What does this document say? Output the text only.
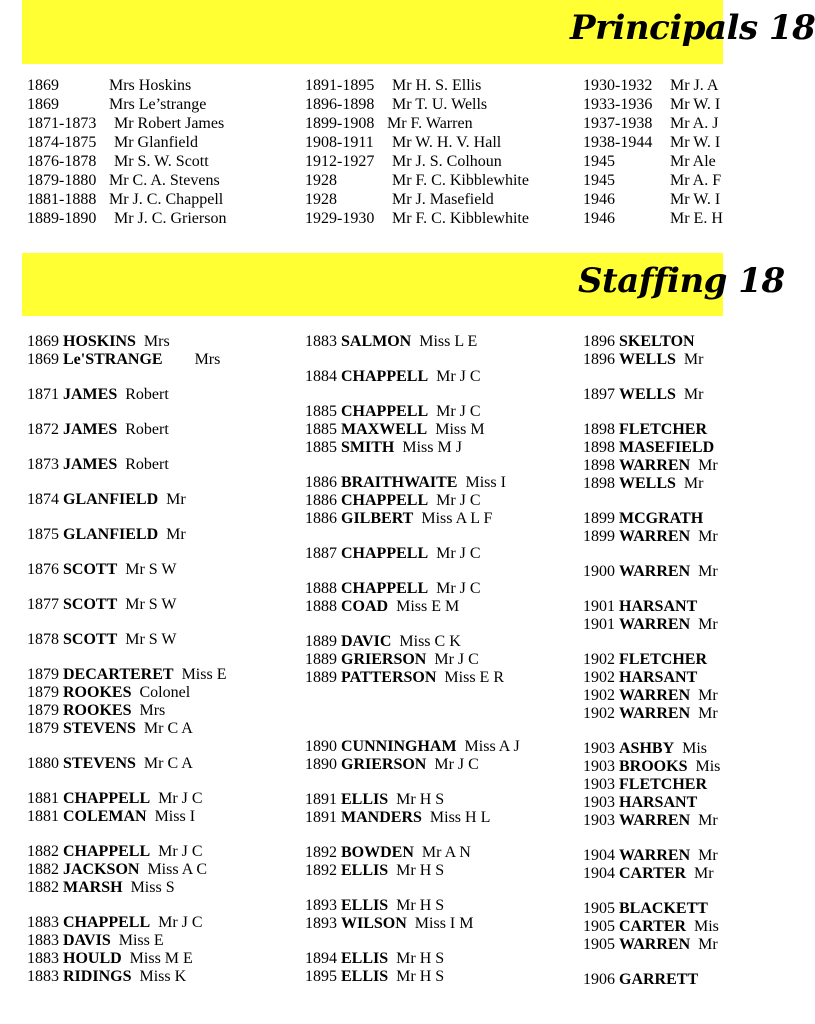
Principals 18
1869	Mrs Hoskins
1869	Mrs Le’strange
1871-1873 Mr Robert James
1874-1875 Mr Glanfield
1876-1878 Mr S. W. Scott
1879-1880 Mr C. A. Stevens
1881-1888 Mr J. C. Chappell
1889-1890 Mr J. C. Grierson
1891-1895 Mr H. S. Ellis
1896-1898 Mr T. U. Wells
1899-1908 Mr F. Warren
1908-1911 Mr W. H. V. Hall
1912-1927 Mr J. S. Colhoun
1928	Mr F. C. Kibblewhite
1928	Mr J. Masefield
1929-1930 Mr F. C. Kibblewhite
1930-1932 Mr J. A
1933-1936 Mr W. I
1937-1938 Mr A. J
1938-1944 Mr W. I
1945	Mr Ale
1945	Mr A. F
1946	Mr W. I
1946	Mr E. H
Staffing 18
1869 HOSKINS  Mrs
1869 Le'STRANGE        Mrs
1871 JAMES  Robert
1872 JAMES  Robert
1873 JAMES  Robert
1874 GLANFIELD  Mr
1875 GLANFIELD  Mr
1876 SCOTT  Mr S W
1877 SCOTT  Mr S W
1878 SCOTT  Mr S W
1879 DECARTERET  Miss E
1879 ROOKES  Colonel
1879 ROOKES  Mrs
1879 STEVENS  Mr C A
1880 STEVENS  Mr C A
1881 CHAPPELL  Mr J C
1881 COLEMAN  Miss I
1882 CHAPPELL  Mr J C
1882 JACKSON  Miss A C
1882 MARSH  Miss S
1883 CHAPPELL  Mr J C
1883 DAVIS  Miss E
1883 HOULD  Miss M E
1883 RIDINGS  Miss K
1883 SALMON  Miss L E
1884 CHAPPELL  Mr J C
1885 CHAPPELL  Mr J C
1885 MAXWELL  Miss M
1885 SMITH  Miss M J
1886 BRAITHWAITE  Miss I
1886 CHAPPELL  Mr J C
1886 GILBERT  Miss A L F
1887 CHAPPELL  Mr J C
1888 CHAPPELL  Mr J C
1888 COAD  Miss E M
1889 DAVIC  Miss C K
1889 GRIERSON  Mr J C
1889 PATTERSON  Miss E R
1890 CUNNINGHAM  Miss A J
1890 GRIERSON  Mr J C
1891 ELLIS  Mr H S
1891 MANDERS  Miss H L
1892 BOWDEN  Mr A N
1892 ELLIS  Mr H S
1893 ELLIS  Mr H S
1893 WILSON  Miss I M
1894 ELLIS  Mr H S
1895 ELLIS  Mr H S
1896 SKELTON
1896 WELLS  Mr
1897 WELLS  Mr
1898 FLETCHER
1898 MASEFIELD
1898 WARREN  Mr
1898 WELLS  Mr
1899 MCGRATH
1899 WARREN  Mr
1900 WARREN  Mr
1901 HARSANT
1901 WARREN  Mr
1902 FLETCHER
1902 HARSANT
1902 WARREN  Mr
1902 WARREN  Mr
1903 ASHBY  Mis
1903 BROOKS  Mis
1903 FLETCHER
1903 HARSANT
1903 WARREN  Mr
1904 WARREN  Mr
1904 CARTER  Mr
1905 BLACKETT
1905 CARTER  Mis
1905 WARREN  Mr
1906 GARRETT
